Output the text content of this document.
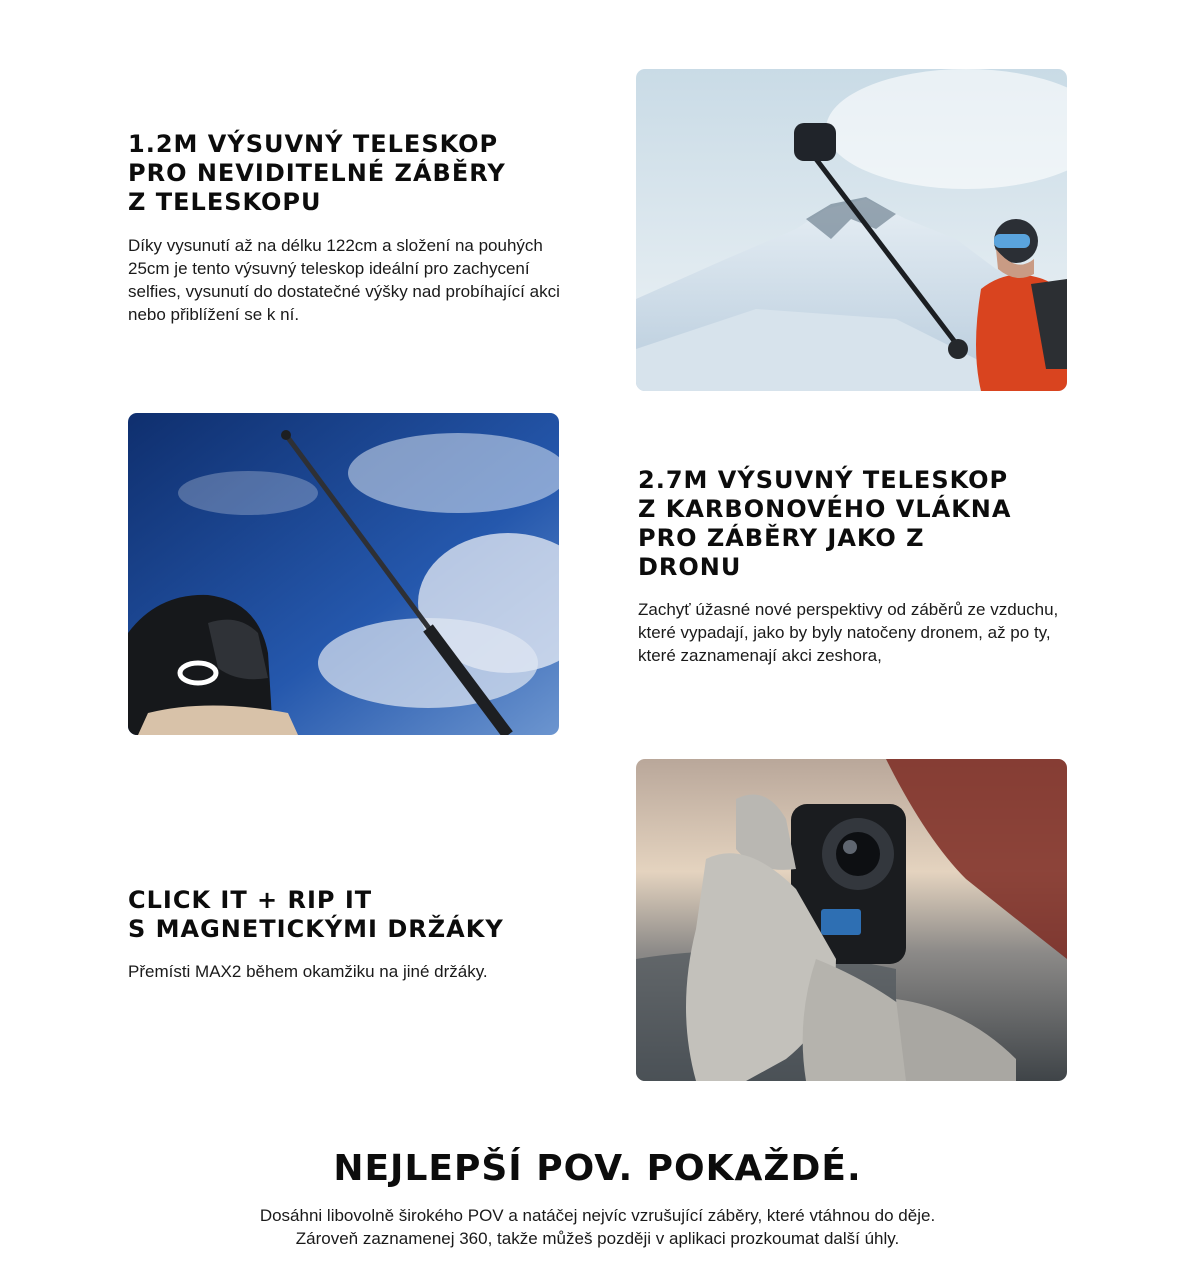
1.2M VÝSUVNÝ TELESKOP
PRO NEVIDITELNÉ ZÁBĚRY
Z TELESKOPU

Díky vysunutí až na délku 122cm a složení na pouhých 25cm je tento výsuvný teleskop ideální pro zachycení selfies, vysunutí do dostatečné výšky nad probíhající akci nebo přiblížení se k ní.

2.7M VÝSUVNÝ TELESKOP
Z KARBONOVÉHO VLÁKNA
PRO ZÁBĚRY JAKO Z
DRONU

Zachyť úžasné nové perspektivy od záběrů ze vzduchu, které vypadají, jako by byly natočeny dronem, až po ty, které zaznamenají akci zeshora,

CLICK IT + RIP IT
S MAGNETICKÝMI DRŽÁKY

Přemísti MAX2 během okamžiku na jiné držáky.

NEJLEPŠÍ POV. POKAŽDÉ.

Dosáhni libovolně širokého POV a natáčej nejvíc vzrušující záběry, které vtáhnou do děje.

Zároveň zaznamenej 360, takže můžeš později v aplikaci prozkoumat další úhly.
